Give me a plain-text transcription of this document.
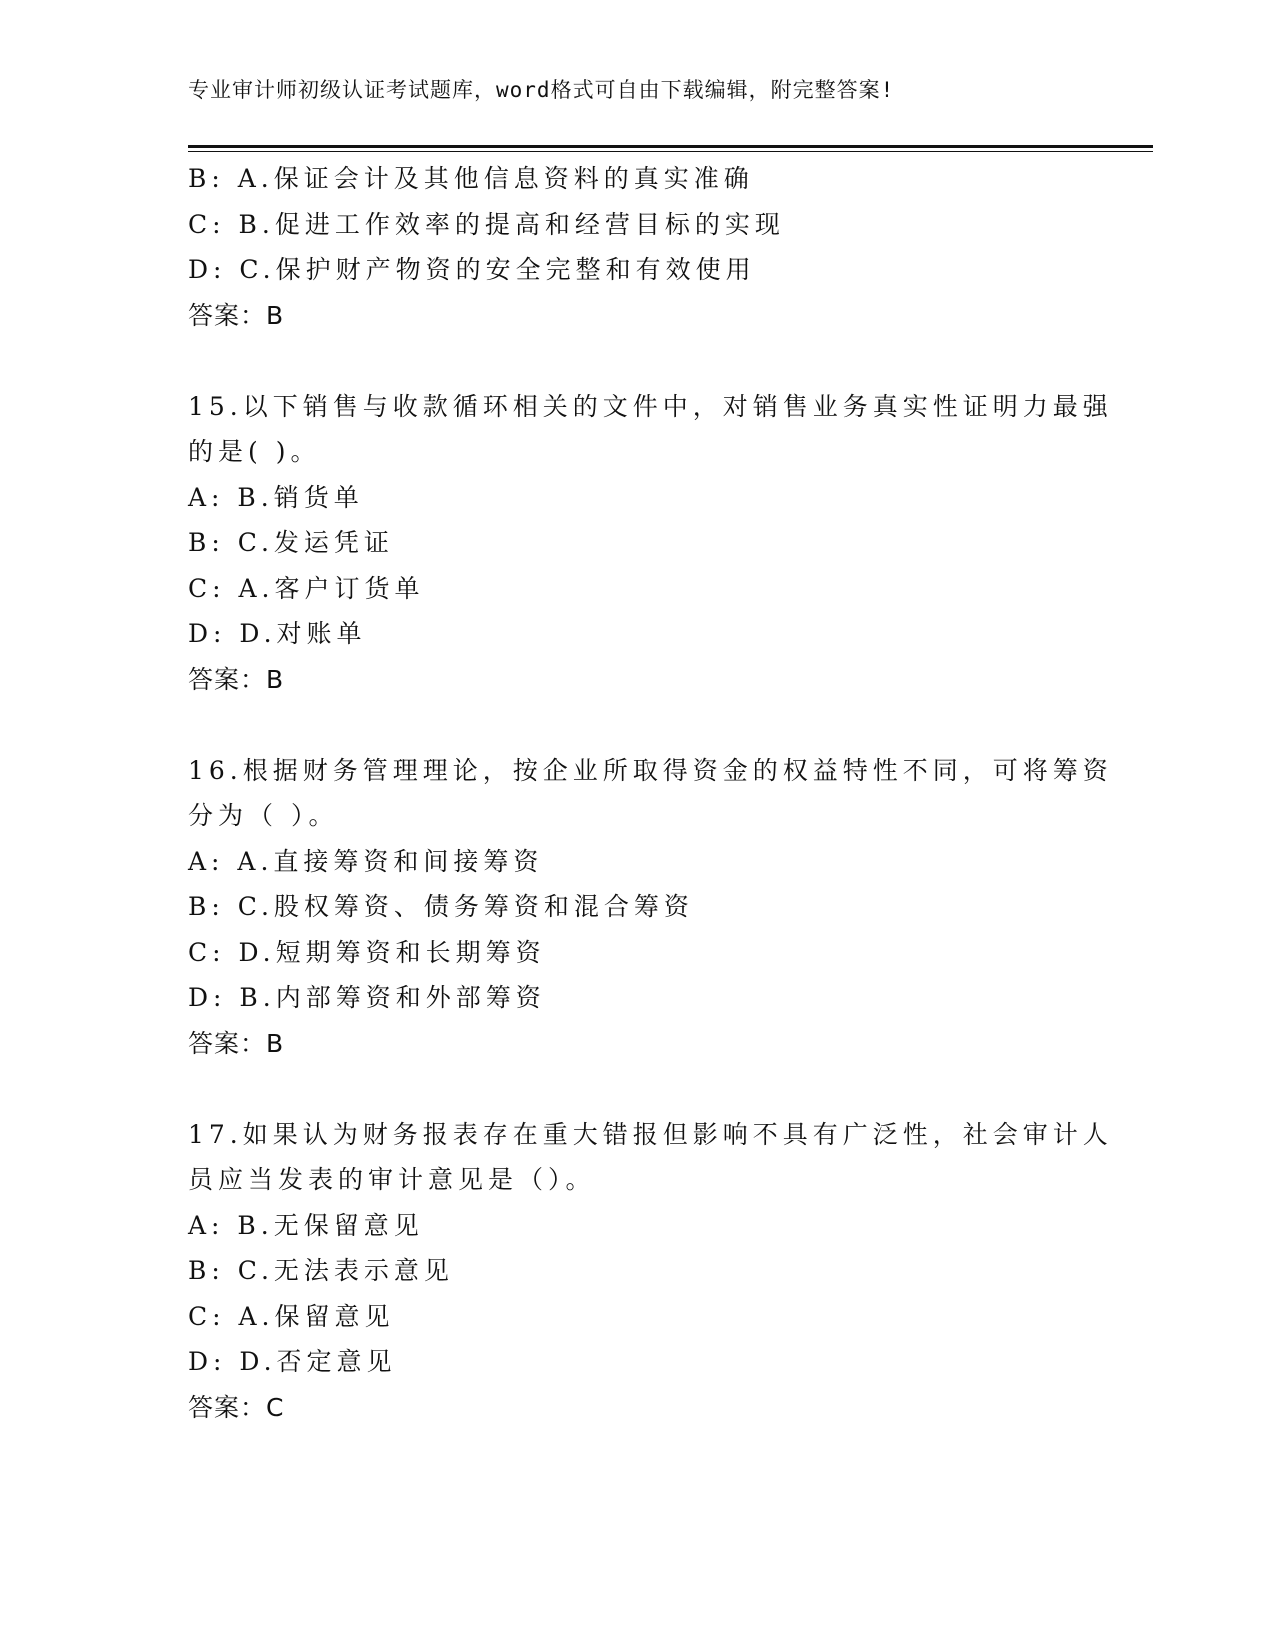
专业审计师初级认证考试题库，word格式可自由下载编辑，附完整答案!
B: A.保证会计及其他信息资料的真实准确
C: B.促进工作效率的提高和经营目标的实现
D: C.保护财产物资的安全完整和有效使用
答案：B
15.以下销售与收款循环相关的文件中，对销售业务真实性证明力最强
的是( )。
A: B.销货单
B: C.发运凭证
C: A.客户订货单
D: D.对账单
答案：B
16.根据财务管理理论，按企业所取得资金的权益特性不同，可将筹资
分为（ ）。
A: A.直接筹资和间接筹资
B: C.股权筹资、债务筹资和混合筹资
C: D.短期筹资和长期筹资
D: B.内部筹资和外部筹资
答案：B
17.如果认为财务报表存在重大错报但影响不具有广泛性，社会审计人
员应当发表的审计意见是（）。
A: B.无保留意见
B: C.无法表示意见
C: A.保留意见
D: D.否定意见
答案：C
